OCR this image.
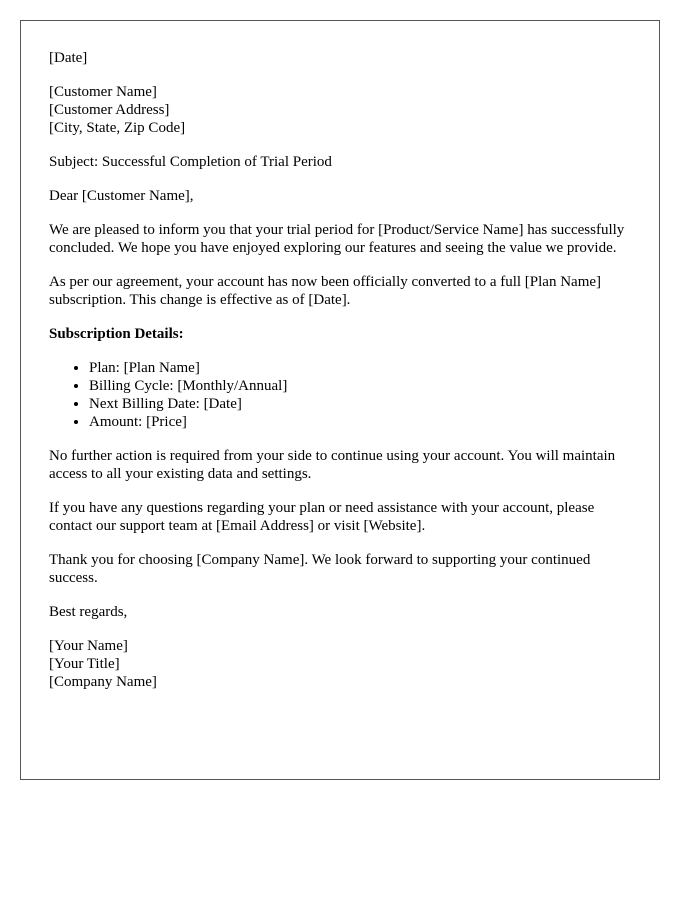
[Date]

[Customer Name]
[Customer Address]
[City, State, Zip Code]

Subject: Successful Completion of Trial Period

Dear [Customer Name],

We are pleased to inform you that your trial period for [Product/Service Name] has successfully concluded. We hope you have enjoyed exploring our features and seeing the value we provide.

As per our agreement, your account has now been officially converted to a full [Plan Name] subscription. This change is effective as of [Date].

Subscription Details:

• Plan: [Plan Name]
• Billing Cycle: [Monthly/Annual]
• Next Billing Date: [Date]
• Amount: [Price]

No further action is required from your side to continue using your account. You will maintain access to all your existing data and settings.

If you have any questions regarding your plan or need assistance with your account, please contact our support team at [Email Address] or visit [Website].

Thank you for choosing [Company Name]. We look forward to supporting your continued success.

Best regards,

[Your Name]
[Your Title]
[Company Name]
